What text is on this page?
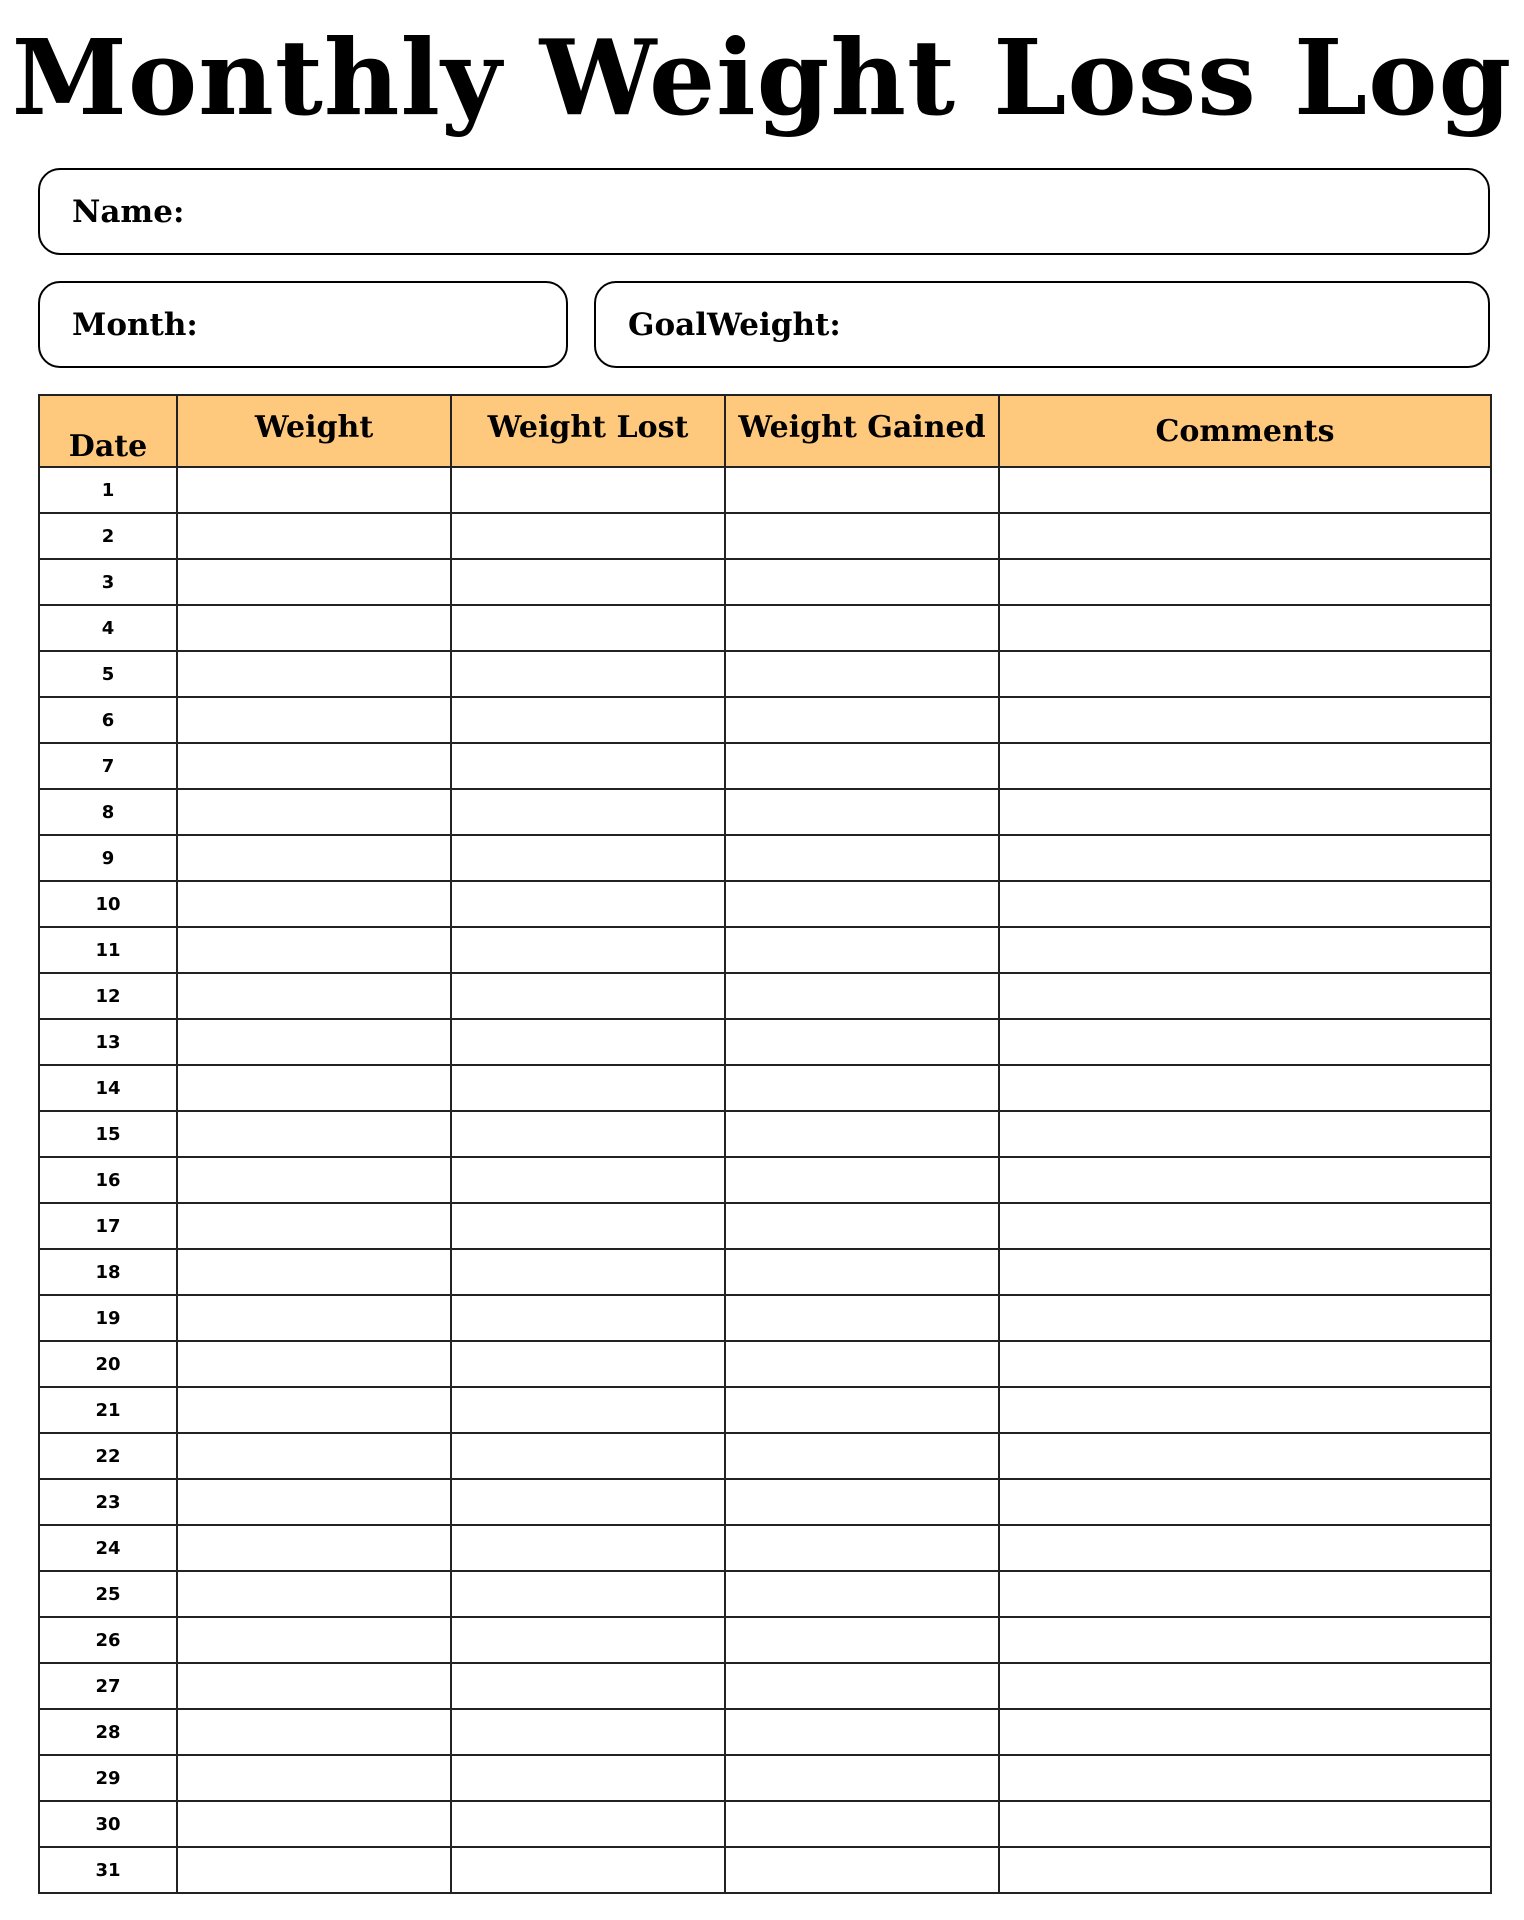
Monthly Weight Loss Log
Name:
Month:	GoalWeight:
Date	Weight	Weight Lost	Weight Gained	Comments
1				
2				
3				
4				
5				
6				
7				
8				
9				
10				
11				
12				
13				
14				
15				
16				
17				
18				
19				
20				
21				
22				
23				
24				
25				
26				
27				
28				
29				
30				
31				
